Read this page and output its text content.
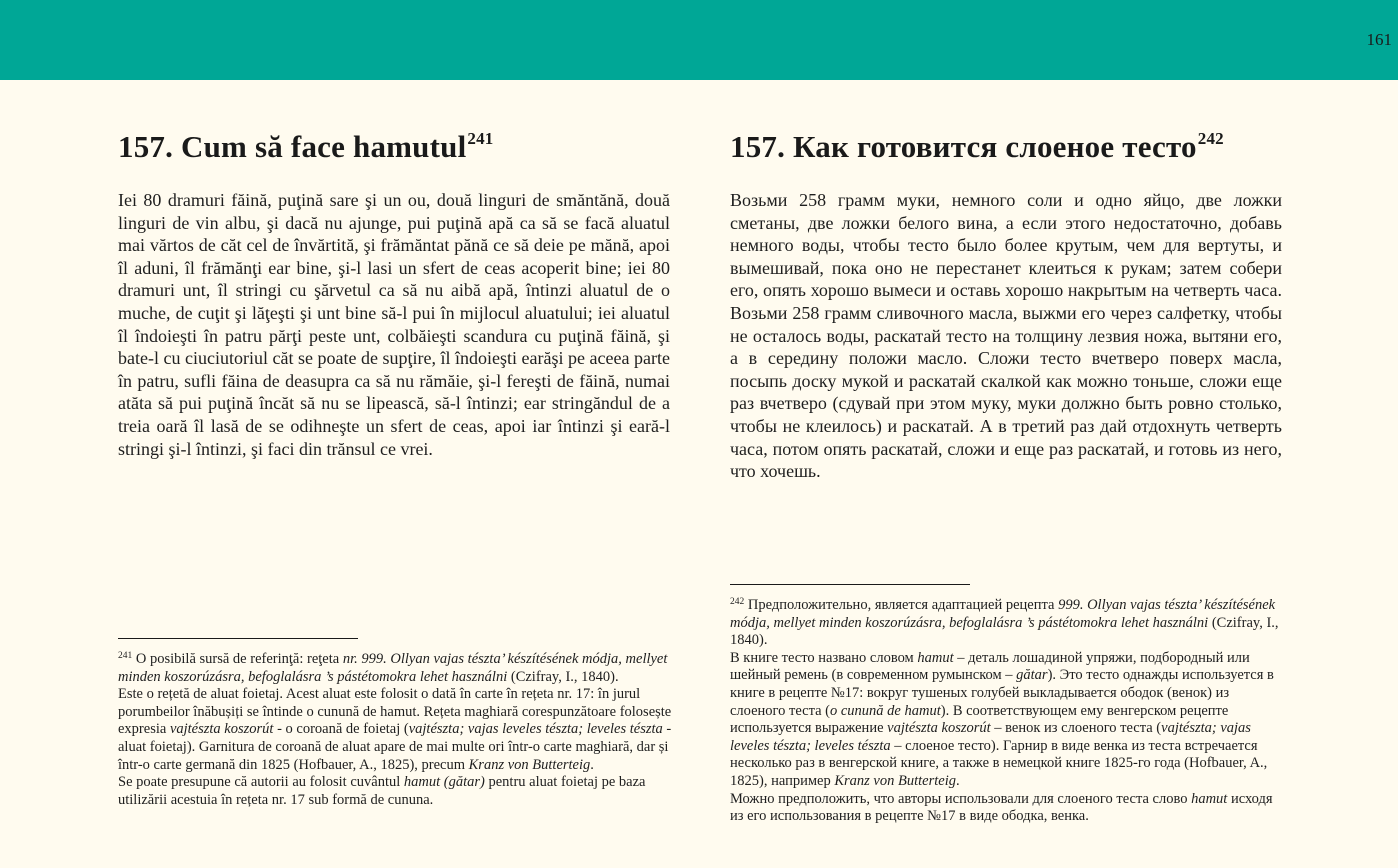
161
157. Cum să face hamutul$^{241}$

Iei 80 dramuri făină, puţină sare şi un ou, două linguri de smăntănă, două linguri de vin albu, şi dacă nu ajunge, pui puţină apă ca să se facă aluatul mai vărtos de căt cel de învărtită, şi frămăntat pănă ce să deie pe mănă, apoi îl aduni, îl frămănţi ear bine, şi-l lasi un sfert de ceas acoperit bine; iei 80 dramuri unt, îl stringi cu şărvetul ca să nu aibă apă, întinzi aluatul de o muche, de cuţit şi lăţeşti şi unt bine să-l pui în mijlocul aluatului; iei aluatul îl îndoieşti în patru părţi peste unt, colbăieşti scandura cu puţină făină, şi bate-l cu ciuciutoriul căt se poate de supţire, îl îndoieşti earăşi pe aceea parte în patru, sufli făina de deasupra ca să nu rămăie, şi-l fereşti de făină, numai atăta să pui puţină încăt să nu se lipească, să-l întinzi; ear stringăndul de a treia oară îl lasă de se odihneşte un sfert de ceas, apoi iar întinzi şi eară-l stringi şi-l întinzi, şi faci din trănsul ce vrei.

157. Как готовится слоеное тесто$^{242}$

Возьми 258 грамм муки, немного соли и одно яйцо, две ложки сметаны, две ложки белого вина, а если этого недостаточно, добавь немного воды, чтобы тесто было более крутым, чем для вертуты, и вымешивай, пока оно не перестанет клеиться к рукам; затем собери его, опять хорошо вымеси и оставь хорошо накрытым на четверть часа. Возьми 258 грамм сливочного масла, выжми его через салфетку, чтобы не осталось воды, раскатай тесто на толщину лезвия ножа, вытяни его, а в середину положи масло. Сложи тесто вчетверо поверх масла, посыпь доску мукой и раскатай скалкой как можно тоньше, сложи еще раз вчетверо (сдувай при этом муку, муки должно быть ровно столько, чтобы не клеилось) и раскатай. А в третий раз дай отдохнуть четверть часа, потом опять раскатай, сложи и еще раз раскатай, и готовь из него, что хочешь.

$^{241}$ O posibilă sursă de referinţă: reţeta nr. 999. Ollyan vajas tészta’ készítésének módja, mellyet minden koszorúzásra, befoglalásra ’s pástétomokra lehet használni (Czifray, I., 1840).

Este o rețetă de aluat foietaj. Acest aluat este folosit o dată în carte în rețeta nr. 17: în jurul porumbeilor înăbușiți se întinde o cunună de hamut. Rețeta maghiară corespunzătoare folosește expresia vajtészta koszorút - o coroană de foietaj (vajtészta; vajas leveles tészta; leveles tészta - aluat foietaj). Garnitura de coroană de aluat apare de mai multe ori într-o carte maghiară, dar și într-o carte germană din 1825 (Hofbauer, A., 1825), precum Kranz von Butterteig.

Se poate presupune că autorii au folosit cuvântul hamut (gătar) pentru aluat foietaj pe baza utilizării acestuia în rețeta nr. 17 sub formă de cununa.

$^{242}$ Предположительно, является адаптацией рецепта 999. Ollyan vajas tészta’ készítésének módja, mellyet minden koszorúzásra, befoglalásra ’s pástétomokra lehet használni (Czifray, I., 1840).

В книге тесто названо словом hamut – деталь лошадиной упряжи, подбородный или шейный ремень (в современном румынском – gătar). Это тесто однажды используется в книге в рецепте №17: вокруг тушеных голубей выкладывается ободок (венок) из слоеного теста (o cunună de hamut). В соответствующем ему венгерском рецепте используется выражение vajtészta koszorút – венок из слоеного теста (vajtészta; vajas leveles tészta; leveles tészta – слоеное тесто). Гарнир в виде венка из теста встречается несколько раз в венгерской книге, а также в немецкой книге 1825-го года (Hofbauer, A., 1825), например Kranz von Butterteig.

Можно предположить, что авторы использовали для слоеного теста слово hamut исходя из его использования в рецепте №17 в виде ободка, венка.
